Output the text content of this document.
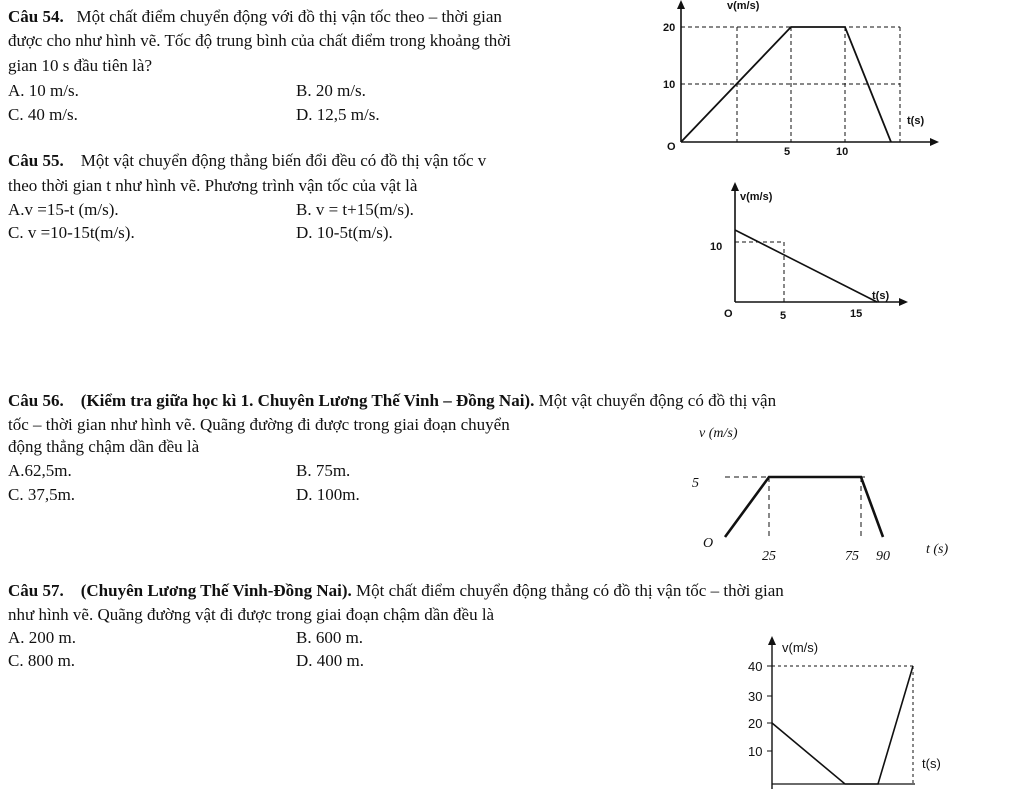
Câu 54. Một chất điểm chuyển động với đồ thị vận tốc theo – thời gian
được cho như hình vẽ. Tốc độ trung bình của chất điểm trong khoảng thời
gian 10 s đầu tiên là?
A. 10 m/s.	B. 20 m/s.
C. 40 m/s.	D. 12,5 m/s.
v(m/s)
20
10
O	5	10
t(s)
Câu 55. Một vật chuyển động thẳng biến đổi đều có đồ thị vận tốc v
theo thời gian t như hình vẽ. Phương trình vận tốc của vật là
A.v =15-t (m/s).	B. v = t+15(m/s).
C. v =10-15t(m/s).	D. 10-5t(m/s).
v(m/s)
10
O	5	15
t(s)
Câu 56. (Kiểm tra giữa học kì 1. Chuyên Lương Thế Vinh – Đồng Nai). Một vật chuyển động có đồ thị vận
tốc – thời gian như hình vẽ. Quãng đường đi được trong giai đoạn chuyển
động thẳng chậm dần đều là
A.62,5m.	B. 75m.
C. 37,5m.	D. 100m.
v (m/s)
5
O
25	75 90	t (s)
Câu 57. (Chuyên Lương Thế Vinh-Đồng Nai). Một chất điểm chuyển động thẳng có đồ thị vận tốc – thời gian
như hình vẽ. Quãng đường vật đi được trong giai đoạn chậm dần đều là
A. 200 m.	B. 600 m.
C. 800 m.	D. 400 m.
v(m/s)
40
30
20
10
t(s)
